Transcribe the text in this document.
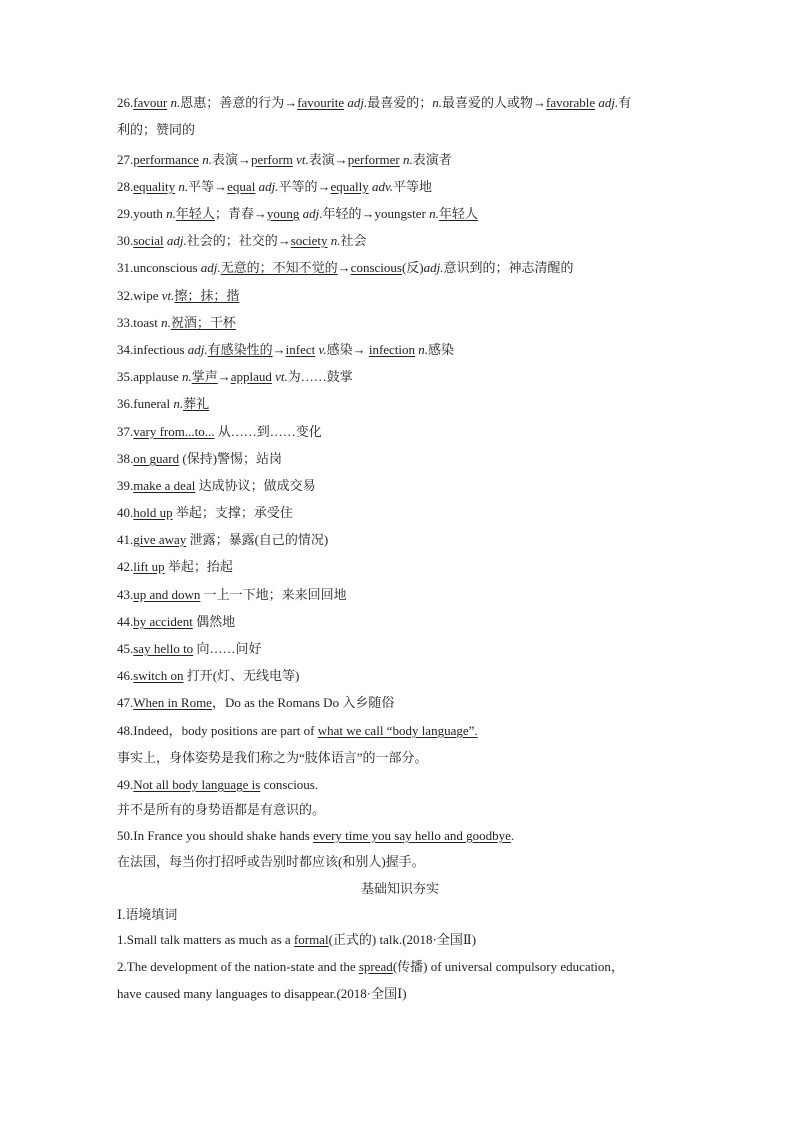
26.favour n.恩惠；善意的行为→favourite adj.最喜爱的；n.最喜爱的人或物→favorable adj.有
利的；赞同的
27.performance n.表演→perform vt.表演→performer n.表演者
28.equality n.平等→equal adj.平等的→equally adv.平等地
29.youth n.年轻人；青春→young adj.年轻的→youngster n.年轻人
30.social adj.社会的；社交的→society n.社会
31.unconscious adj.无意的；不知不觉的→conscious(反)adj.意识到的；神志清醒的
32.wipe vt.擦；抹；揩
33.toast n.祝酒；干杯
34.infectious adj.有感染性的→infect v.感染→ infection n.感染
35.applause n.掌声→applaud vt.为……鼓掌
36.funeral n.葬礼
37.vary from...to... 从……到……变化
38.on guard (保持)警惕；站岗
39.make a deal 达成协议；做成交易
40.hold up 举起；支撑；承受住
41.give away 泄露；暴露(自己的情况)
42.lift up 举起；抬起
43.up and down 一上一下地；来来回回地
44.by accident 偶然地
45.say hello to 向……问好
46.switch on 打开(灯、无线电等)
47.When in Rome，Do as the Romans Do 入乡随俗
48.Indeed，body positions are part of what we call “body language”.
事实上，身体姿势是我们称之为“肢体语言”的一部分。
49.Not all body language is conscious.
并不是所有的身势语都是有意识的。
50.In France you should shake hands every time you say hello and goodbye.
在法国，每当你打招呼或告别时都应该(和别人)握手。
基础知识夯实
Ⅰ.语境填词
1.Small talk matters as much as a formal(正式的) talk.(2018·全国Ⅱ)
2.The development of the nation-state and the spread(传播) of universal compulsory education，
have caused many languages to disappear.(2018·全国Ⅰ)
